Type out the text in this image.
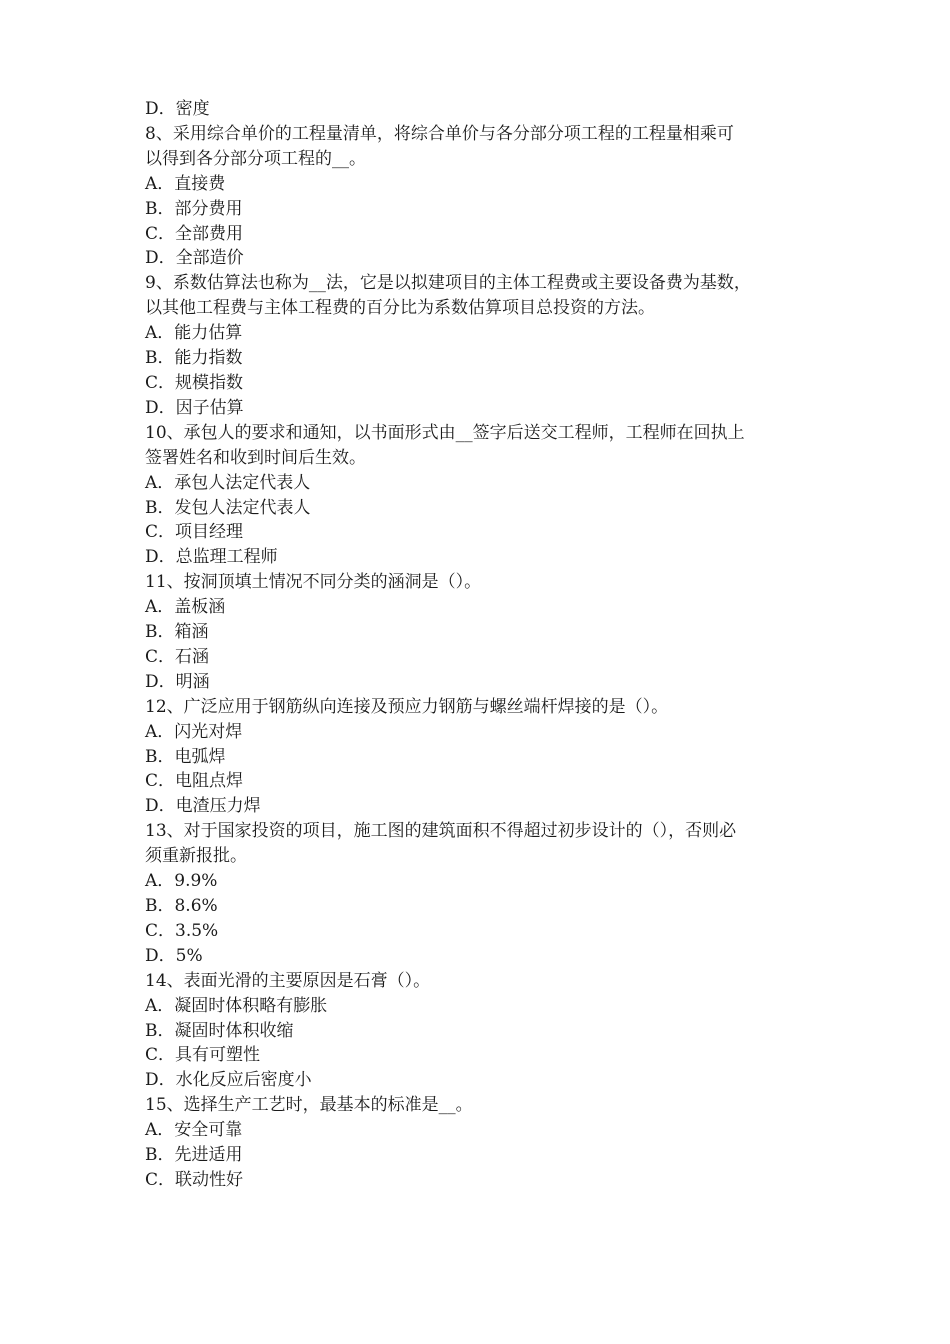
D．密度
8、采用综合单价的工程量清单，将综合单价与各分部分项工程的工程量相乘可
以得到各分部分项工程的__。
A．直接费
B．部分费用
C．全部费用
D．全部造价
9、系数估算法也称为__法，它是以拟建项目的主体工程费或主要设备费为基数，
以其他工程费与主体工程费的百分比为系数估算项目总投资的方法。
A．能力估算
B．能力指数
C．规模指数
D．因子估算
10、承包人的要求和通知，以书面形式由__签字后送交工程师，工程师在回执上
签署姓名和收到时间后生效。
A．承包人法定代表人
B．发包人法定代表人
C．项目经理
D．总监理工程师
11、按洞顶填土情况不同分类的涵洞是（）。
A．盖板涵
B．箱涵
C．石涵
D．明涵
12、广泛应用于钢筋纵向连接及预应力钢筋与螺丝端杆焊接的是（）。
A．闪光对焊
B．电弧焊
C．电阻点焊
D．电渣压力焊
13、对于国家投资的项目，施工图的建筑面积不得超过初步设计的（），否则必
须重新报批。
A．9.9%
B．8.6%
C．3.5%
D．5%
14、表面光滑的主要原因是石膏（）。
A．凝固时体积略有膨胀
B．凝固时体积收缩
C．具有可塑性
D．水化反应后密度小
15、选择生产工艺时，最基本的标准是__。
A．安全可靠
B．先进适用
C．联动性好
